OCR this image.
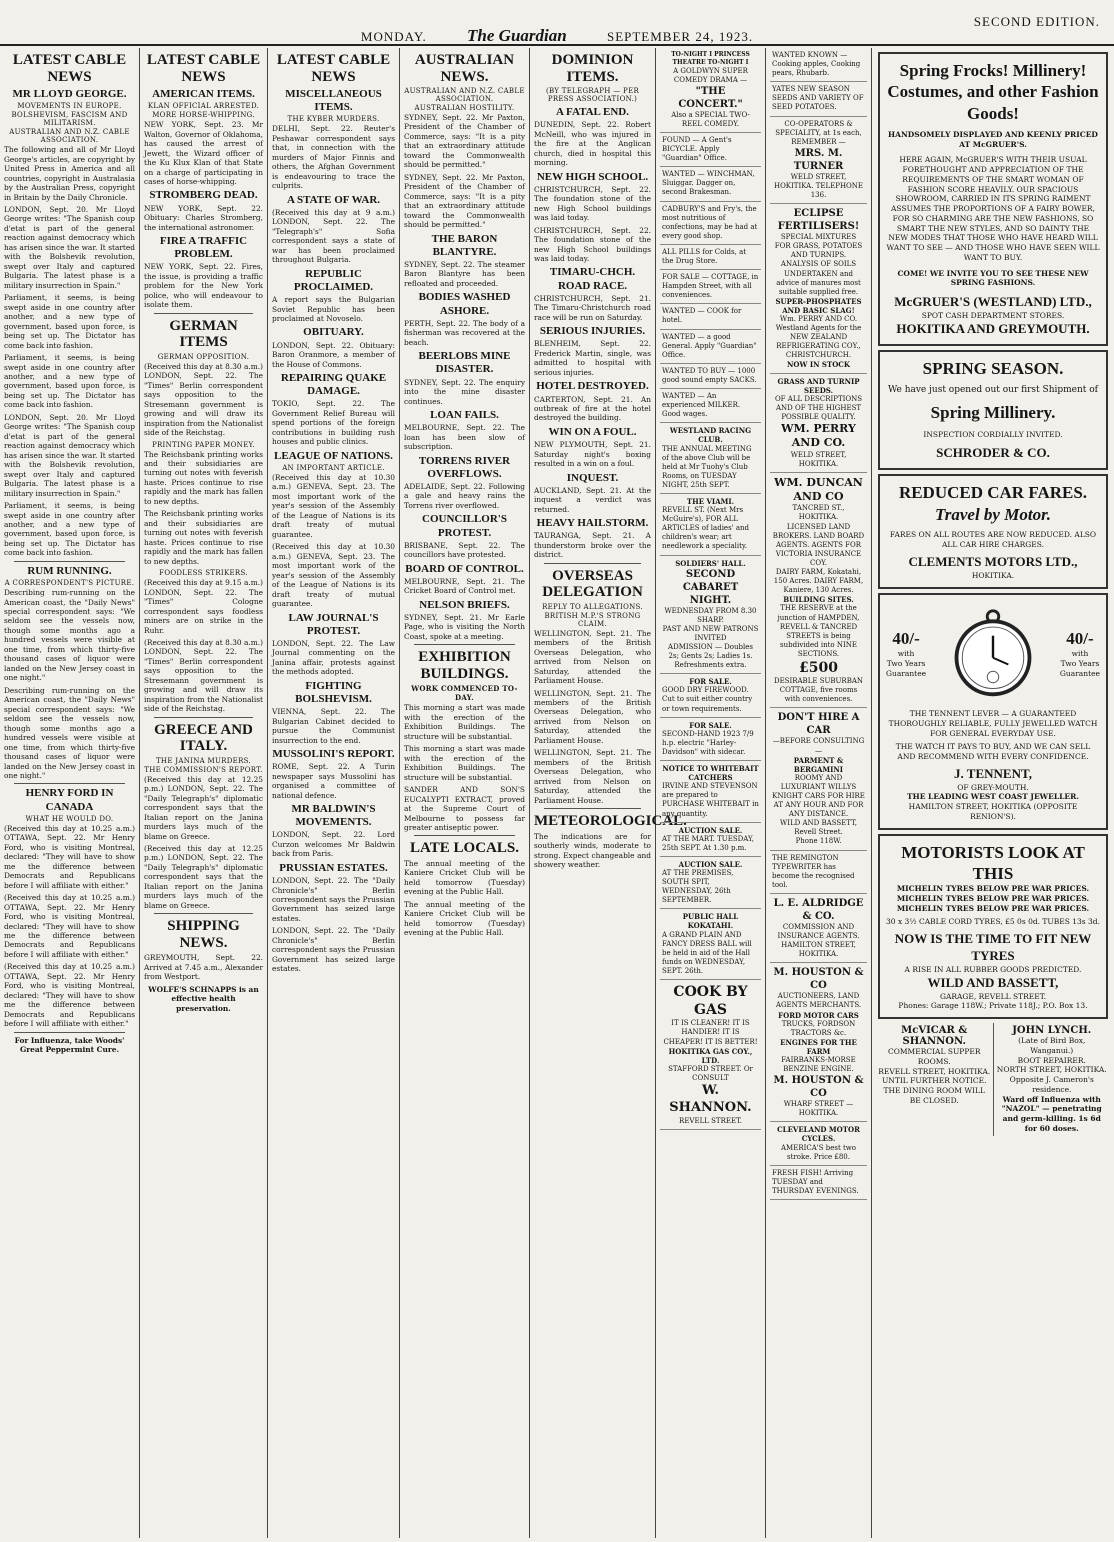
SECOND EDITION.
MONDAY. The Guardian	SEPTEMBER 24, 1923.
LATEST CABLE NEWS
MR LLOYD GEORGE.
MOVEMENTS IN EUROPE.
BOLSHEVISM, FASCISM AND MILITARISM.
AUSTRALIAN AND N.Z. CABLE ASSOCIATION.

The following and all of Mr Lloyd George's articles, are copyright by United Press in America and all countries, copyright in Australasia by the Australian Press, copyright in Britain by the Daily Chronicle.

LONDON, Sept. 20. Mr Lloyd George writes: "The Spanish coup d'etat is part of the general reaction against democracy which has arisen since the war. It started with the Bolshevik revolution, swept over Italy and captured Bulgaria. The latest phase is a military insurrection in Spain."

Parliament, it seems, is being swept aside in one country after another, and a new type of government, based upon force, is being set up. The Dictator has come back into fashion.

Parliament, it seems, is being swept aside in one country after another, and a new type of government, based upon force, is being set up. The Dictator has come back into fashion.

LONDON, Sept. 20. Mr Lloyd George writes: "The Spanish coup d'etat is part of the general reaction against democracy which has arisen since the war. It started with the Bolshevik revolution, swept over Italy and captured Bulgaria. The latest phase is a military insurrection in Spain."

Parliament, it seems, is being swept aside in one country after another, and a new type of government, based upon force, is being set up. The Dictator has come back into fashion.

RUM RUNNING.
A CORRESPONDENT'S PICTURE.

Describing rum-running on the American coast, the "Daily News" special correspondent says: "We seldom see the vessels now, though some months ago a hundred vessels were visible at one time, from which thirty-five thousand cases of liquor were landed on the New Jersey coast in one night."

Describing rum-running on the American coast, the "Daily News" special correspondent says: "We seldom see the vessels now, though some months ago a hundred vessels were visible at one time, from which thirty-five thousand cases of liquor were landed on the New Jersey coast in one night."

HENRY FORD IN CANADA
WHAT HE WOULD DO.

(Received this day at 10.25 a.m.) OTTAWA, Sept. 22. Mr Henry Ford, who is visiting Montreal, declared: "They will have to show me the difference between Democrats and Republicans before I will affiliate with either."

(Received this day at 10.25 a.m.) OTTAWA, Sept. 22. Mr Henry Ford, who is visiting Montreal, declared: "They will have to show me the difference between Democrats and Republicans before I will affiliate with either."

(Received this day at 10.25 a.m.) OTTAWA, Sept. 22. Mr Henry Ford, who is visiting Montreal, declared: "They will have to show me the difference between Democrats and Republicans before I will affiliate with either."

For Influenza, take Woods' Great Peppermint Cure.

LATEST CABLE NEWS
AMERICAN ITEMS.
KLAN OFFICIAL ARRESTED.
MORE HORSE-WHIPPING.

NEW YORK, Sept. 23. Mr Walton, Governor of Oklahoma, has caused the arrest of Jewett, the Wizard officer of the Ku Klux Klan of that State on a charge of participating in cases of horse-whipping.

STROMBERG DEAD.

NEW YORK, Sept. 22. Obituary: Charles Stromberg, the international astronomer.

FIRE A TRAFFIC PROBLEM.

NEW YORK, Sept. 22. Fires, the issue, is providing a traffic problem for the New York police, who will endeavour to isolate them.

GERMAN ITEMS
GERMAN OPPOSITION.

(Received this day at 8.30 a.m.) LONDON, Sept. 22. The "Times" Berlin correspondent says opposition to the Stresemann government is growing and will draw its inspiration from the Nationalist side of the Reichstag.

PRINTING PAPER MONEY.

The Reichsbank printing works and their subsidiaries are turning out notes with feverish haste. Prices continue to rise rapidly and the mark has fallen to new depths.

The Reichsbank printing works and their subsidiaries are turning out notes with feverish haste. Prices continue to rise rapidly and the mark has fallen to new depths.

FOODLESS STRIKERS.

(Received this day at 9.15 a.m.) LONDON, Sept. 22. The "Times" Cologne correspondent says foodless miners are on strike in the Ruhr.

(Received this day at 8.30 a.m.) LONDON, Sept. 22. The "Times" Berlin correspondent says opposition to the Stresemann government is growing and will draw its inspiration from the Nationalist side of the Reichstag.

GREECE AND ITALY.
THE JANINA MURDERS.
THE COMMISSION'S REPORT.

(Received this day at 12.25 p.m.) LONDON, Sept. 22. The "Daily Telegraph's" diplomatic correspondent says that the Italian report on the Janina murders lays much of the blame on Greece.

(Received this day at 12.25 p.m.) LONDON, Sept. 22. The "Daily Telegraph's" diplomatic correspondent says that the Italian report on the Janina murders lays much of the blame on Greece.

SHIPPING NEWS.

GREYMOUTH, Sept. 22. Arrived at 7.45 a.m., Alexander from Westport.

WOLFE'S SCHNAPPS is an effective health preservation.

LATEST CABLE NEWS
MISCELLANEOUS ITEMS.
THE KYBER MURDERS.

DELHI, Sept. 22. Reuter's Peshawar correspondent says that, in connection with the murders of Major Finnis and others, the Afghan Government is endeavouring to trace the culprits.

A STATE OF WAR.

(Received this day at 9 a.m.) LONDON, Sept. 22. The "Telegraph's" Sofia correspondent says a state of war has been proclaimed throughout Bulgaria.

REPUBLIC PROCLAIMED.

A report says the Bulgarian Soviet Republic has been proclaimed at Novoselo.

OBITUARY.

LONDON, Sept. 22. Obituary: Baron Oranmore, a member of the House of Commons.

REPAIRING QUAKE DAMAGE.

TOKIO, Sept. 22. The Government Relief Bureau will spend portions of the foreign contributions in building rush houses and public clinics.

LEAGUE OF NATIONS.
AN IMPORTANT ARTICLE.

(Received this day at 10.30 a.m.) GENEVA, Sept. 23. The most important work of the year's session of the Assembly of the League of Nations is its draft treaty of mutual guarantee.

(Received this day at 10.30 a.m.) GENEVA, Sept. 23. The most important work of the year's session of the Assembly of the League of Nations is its draft treaty of mutual guarantee.

LAW JOURNAL'S PROTEST.

LONDON, Sept. 22. The Law Journal commenting on the Janina affair, protests against the methods adopted.

FIGHTING BOLSHEVISM.

VIENNA, Sept. 22. The Bulgarian Cabinet decided to pursue the Communist insurrection to the end.

MUSSOLINI'S REPORT.

ROME, Sept. 22. A Turin newspaper says Mussolini has organised a committee of national defence.

MR BALDWIN'S MOVEMENTS.

LONDON, Sept. 22. Lord Curzon welcomes Mr Baldwin back from Paris.

PRUSSIAN ESTATES.

LONDON, Sept. 22. The "Daily Chronicle's" Berlin correspondent says the Prussian Government has seized large estates.

LONDON, Sept. 22. The "Daily Chronicle's" Berlin correspondent says the Prussian Government has seized large estates.

AUSTRALIAN NEWS.
AUSTRALIAN AND N.Z. CABLE ASSOCIATION.
AUSTRALIAN HOSTILITY.

SYDNEY, Sept. 22. Mr Paxton, President of the Chamber of Commerce, says: "It is a pity that an extraordinary attitude toward the Commonwealth should be permitted."

SYDNEY, Sept. 22. Mr Paxton, President of the Chamber of Commerce, says: "It is a pity that an extraordinary attitude toward the Commonwealth should be permitted."

THE BARON BLANTYRE.

SYDNEY, Sept. 22. The steamer Baron Blantyre has been refloated and proceeded.

BODIES WASHED ASHORE.

PERTH, Sept. 22. The body of a fisherman was recovered at the beach.

BEERLOBS MINE DISASTER.

SYDNEY, Sept. 22. The enquiry into the mine disaster continues.

LOAN FAILS.

MELBOURNE, Sept. 22. The loan has been slow of subscription.

TORRENS RIVER OVERFLOWS.

ADELAIDE, Sept. 22. Following a gale and heavy rains the Torrens river overflowed.

COUNCILLOR'S PROTEST.

BRISBANE, Sept. 22. The councillors have protested.

BOARD OF CONTROL.

MELBOURNE, Sept. 21. The Cricket Board of Control met.

NELSON BRIEFS.

SYDNEY, Sept. 21. Mr Earle Page, who is visiting the North Coast, spoke at a meeting.

EXHIBITION BUILDINGS.
WORK COMMENCED TO-DAY.

This morning a start was made with the erection of the Exhibition Buildings. The structure will be substantial.

This morning a start was made with the erection of the Exhibition Buildings. The structure will be substantial.

SANDER AND SON'S EUCALYPTI EXTRACT, proved at the Supreme Court of Melbourne to possess far greater antiseptic power.

LATE LOCALS.

The annual meeting of the Kaniere Cricket Club will be held tomorrow (Tuesday) evening at the Public Hall.

The annual meeting of the Kaniere Cricket Club will be held tomorrow (Tuesday) evening at the Public Hall.

DOMINION ITEMS.
(BY TELEGRAPH — PER PRESS ASSOCIATION.)
A FATAL END.

DUNEDIN, Sept. 22. Robert McNeill, who was injured in the fire at the Anglican church, died in hospital this morning.

NEW HIGH SCHOOL.

CHRISTCHURCH, Sept. 22. The foundation stone of the new High School buildings was laid today.

CHRISTCHURCH, Sept. 22. The foundation stone of the new High School buildings was laid today.

TIMARU-CHCH. ROAD RACE.

CHRISTCHURCH, Sept. 21. The Timaru-Christchurch road race will be run on Saturday.

SERIOUS INJURIES.

BLENHEIM, Sept. 22. Frederick Martin, single, was admitted to hospital with serious injuries.

HOTEL DESTROYED.

CARTERTON, Sept. 21. An outbreak of fire at the hotel destroyed the building.

WIN ON A FOUL.

NEW PLYMOUTH, Sept. 21. Saturday night's boxing resulted in a win on a foul.

INQUEST.

AUCKLAND, Sept. 21. At the inquest a verdict was returned.

HEAVY HAILSTORM.

TAURANGA, Sept. 21. A thunderstorm broke over the district.

OVERSEAS DELEGATION
REPLY TO ALLEGATIONS.
BRITISH M.P.'S STRONG CLAIM.

WELLINGTON, Sept. 21. The members of the British Overseas Delegation, who arrived from Nelson on Saturday, attended the Parliament House.

WELLINGTON, Sept. 21. The members of the British Overseas Delegation, who arrived from Nelson on Saturday, attended the Parliament House.

WELLINGTON, Sept. 21. The members of the British Overseas Delegation, who arrived from Nelson on Saturday, attended the Parliament House.

METEOROLOGICAL.

The indications are for southerly winds, moderate to strong. Expect changeable and showery weather.

TO-NIGHT I PRINCESS THEATRE TO-NIGHT I
A GOLDWYN SUPER COMEDY DRAMA —
"THE CONCERT."
Also a SPECIAL TWO-REEL COMEDY.
FOUND — A Gent's BICYCLE. Apply "Guardian" Office.
WANTED — WINCHMAN, Sluiggar. Dagger on, second Brakesman.
CADBURY'S and Fry's, the most nutritious of confections, may be had at every good shop.
ALL PILLS for Colds, at the Drug Store.
FOR SALE — COTTAGE, in Hampden Street, with all conveniences.
WANTED — COOK for hotel.
WANTED — a good General. Apply "Guardian" Office.
WANTED TO BUY — 1000 good sound empty SACKS.
WANTED — An experienced MILKER. Good wages.
WESTLAND RACING CLUB.
THE ANNUAL MEETING of the above Club will be held at Mr Tuohy's Club Rooms, on TUESDAY NIGHT, 25th SEPT.
THE VIAMI.
REVELL ST. (Next Mrs McGuire's), FOR ALL ARTICLES of ladies' and children's wear; art needlework a speciality.
SOLDIERS' HALL.
SECOND CABARET NIGHT.
WEDNESDAY FROM 8.30 SHARP.
PAST AND NEW PATRONS INVITED
ADMISSION — Doubles 2s; Gents 2s; Ladies 1s. Refreshments extra.
FOR SALE.
GOOD DRY FIREWOOD. Cut to suit either country or town requirements.
FOR SALE.
SECOND-HAND 1923 7/9 h.p. electric "Harley-Davidson" with sidecar.
NOTICE TO WHITEBAIT CATCHERS
IRVINE AND STEVENSON are prepared to PURCHASE WHITEBAIT in any quantity.
AUCTION SALE.
AT THE MART. TUESDAY, 25th SEPT. At 1.30 p.m.
AUCTION SALE.
AT THE PREMISES, SOUTH SPIT, WEDNESDAY, 26th SEPTEMBER.
PUBLIC HALL KOKATAHI.
A GRAND PLAIN AND FANCY DRESS BALL will be held in aid of the Hall funds on WEDNESDAY, SEPT. 26th.
COOK BY GAS
IT IS CLEANER! IT IS HANDIER! IT IS CHEAPER! IT IS BETTER!
HOKITIKA GAS COY., LTD.
STAFFORD STREET. Or CONSULT
W. SHANNON.
REVELL STREET.
WANTED KNOWN — Cooking apples, Cooking pears, Rhubarb.
YATES NEW SEASON SEEDS AND VARIETY OF SEED POTATOES.
CO-OPERATORS & SPECIALITY, at 1s each, REMEMBER —
MRS. M. TURNER
WELD STREET, HOKITIKA. TELEPHONE 136.
ECLIPSE FERTILISERS!
SPECIAL MIXTURES FOR GRASS, POTATOES AND TURNIPS.
ANALYSIS OF SOILS UNDERTAKEN and advice of manures most suitable supplied free.
SUPER-PHOSPHATES AND BASIC SLAG!
Wm. PERRY AND CO. Westland Agents for the NEW ZEALAND REFRIGERATING COY., CHRISTCHURCH.
NOW IN STOCK
GRASS AND TURNIP SEEDS.
OF ALL DESCRIPTIONS AND OF THE HIGHEST POSSIBLE QUALITY.
WM. PERRY AND CO.
WELD STREET, HOKITIKA.
WM. DUNCAN AND CO
TANCRED ST., HOKITIKA.
LICENSED LAND BROKERS. LAND BOARD AGENTS. AGENTS FOR VICTORIA INSURANCE COY.
DAIRY FARM, Kokatahi, 150 Acres. DAIRY FARM, Kaniere, 130 Acres.
BUILDING SITES.
THE RESERVE at the junction of HAMPDEN, REVELL & TANCRED STREETS is being subdivided into NINE SECTIONS.
£500
DESIRABLE SUBURBAN COTTAGE, five rooms with conveniences.
DON'T HIRE A CAR
—BEFORE CONSULTING—
PARMENT & BERGAMINI
ROOMY AND LUXURIANT WILLYS KNIGHT CARS FOR HIRE AT ANY HOUR AND FOR ANY DISTANCE.
WILD AND BASSETT, Revell Street.
Phone 118W.
THE REMINGTON TYPEWRITER has become the recognised tool.
L. E. ALDRIDGE & CO.
COMMISSION AND INSURANCE AGENTS. HAMILTON STREET, HOKITIKA.
M. HOUSTON & CO
AUCTIONEERS, LAND AGENTS MERCHANTS.
FORD MOTOR CARS
TRUCKS, FORDSON TRACTORS &c.
ENGINES FOR THE FARM
FAIRBANKS-MORSE BENZINE ENGINE.
M. HOUSTON & CO
WHARF STREET — HOKITIKA.
CLEVELAND MOTOR CYCLES.
AMERICA'S best two stroke. Price £80.
FRESH FISH! Arriving TUESDAY and THURSDAY EVENINGS.
Spring Frocks! Millinery! Costumes, and other Fashion Goods!
HANDSOMELY DISPLAYED AND KEENLY PRICED AT McGRUER'S.
HERE AGAIN, McGRUER'S WITH THEIR USUAL FORETHOUGHT AND APPRECIATION OF THE REQUIREMENTS OF THE SMART WOMAN OF FASHION SCORE HEAVILY. OUR SPACIOUS SHOWROOM, CARRIED IN ITS SPRING RAIMENT ASSUMES THE PROPORTIONS OF A FAIRY BOWER, FOR SO CHARMING ARE THE NEW FASHIONS, SO SMART THE NEW STYLES, AND SO DAINTY THE NEW MODES THAT THOSE WHO HAVE HEARD WILL WANT TO SEE — AND THOSE WHO HAVE SEEN WILL WANT TO BUY.
COME! WE INVITE YOU TO SEE THESE NEW SPRING FASHIONS.
McGRUER'S (WESTLAND) LTD.,
SPOT CASH DEPARTMENT STORES.
HOKITIKA AND GREYMOUTH.
SPRING SEASON.
We have just opened out our first Shipment of
Spring Millinery.
INSPECTION CORDIALLY INVITED.
SCHRODER & CO.
REDUCED CAR FARES.
Travel by Motor.
FARES ON ALL ROUTES ARE NOW REDUCED. ALSO ALL CAR HIRE CHARGES.
CLEMENTS MOTORS LTD.,
HOKITIKA.
40/-
with
Two Years
Guarantee
40/-
with
Two Years
Guarantee
THE TENNENT LEVER — A GUARANTEED THOROUGHLY RELIABLE, FULLY JEWELLED WATCH FOR GENERAL EVERYDAY USE.
THE WATCH IT PAYS TO BUY, AND WE CAN SELL AND RECOMMEND WITH EVERY CONFIDENCE.
J. TENNENT,
OF GREY-MOUTH.
THE LEADING WEST COAST JEWELLER.
HAMILTON STREET, HOKITIKA (OPPOSITE RENION'S).
MOTORISTS LOOK AT THIS
MICHELIN TYRES BELOW PRE WAR PRICES.
MICHELIN TYRES BELOW PRE WAR PRICES.
MICHELIN TYRES BELOW PRE WAR PRICES.
30 x 3½ CABLE CORD TYRES, £5 0s 0d. TUBES 13s 3d.
NOW IS THE TIME TO FIT NEW TYRES
A RISE IN ALL RUBBER GOODS PREDICTED.
WILD AND BASSETT,
GARAGE, REVELL STREET.
Phones: Garage 118W.; Private 118J.; P.O. Box 13.
McVICAR & SHANNON.
COMMERCIAL SUPPER ROOMS.
REVELL STREET, HOKITIKA.
UNTIL FURTHER NOTICE. THE DINING ROOM WILL BE CLOSED.
JOHN LYNCH.
(Late of Bird Box, Wanganui.)
BOOT REPAIRER.
NORTH STREET, HOKITIKA. Opposite J. Cameron's residence.
Ward off Influenza with "NAZOL" — penetrating and germ-killing. 1s 6d for 60 doses.
